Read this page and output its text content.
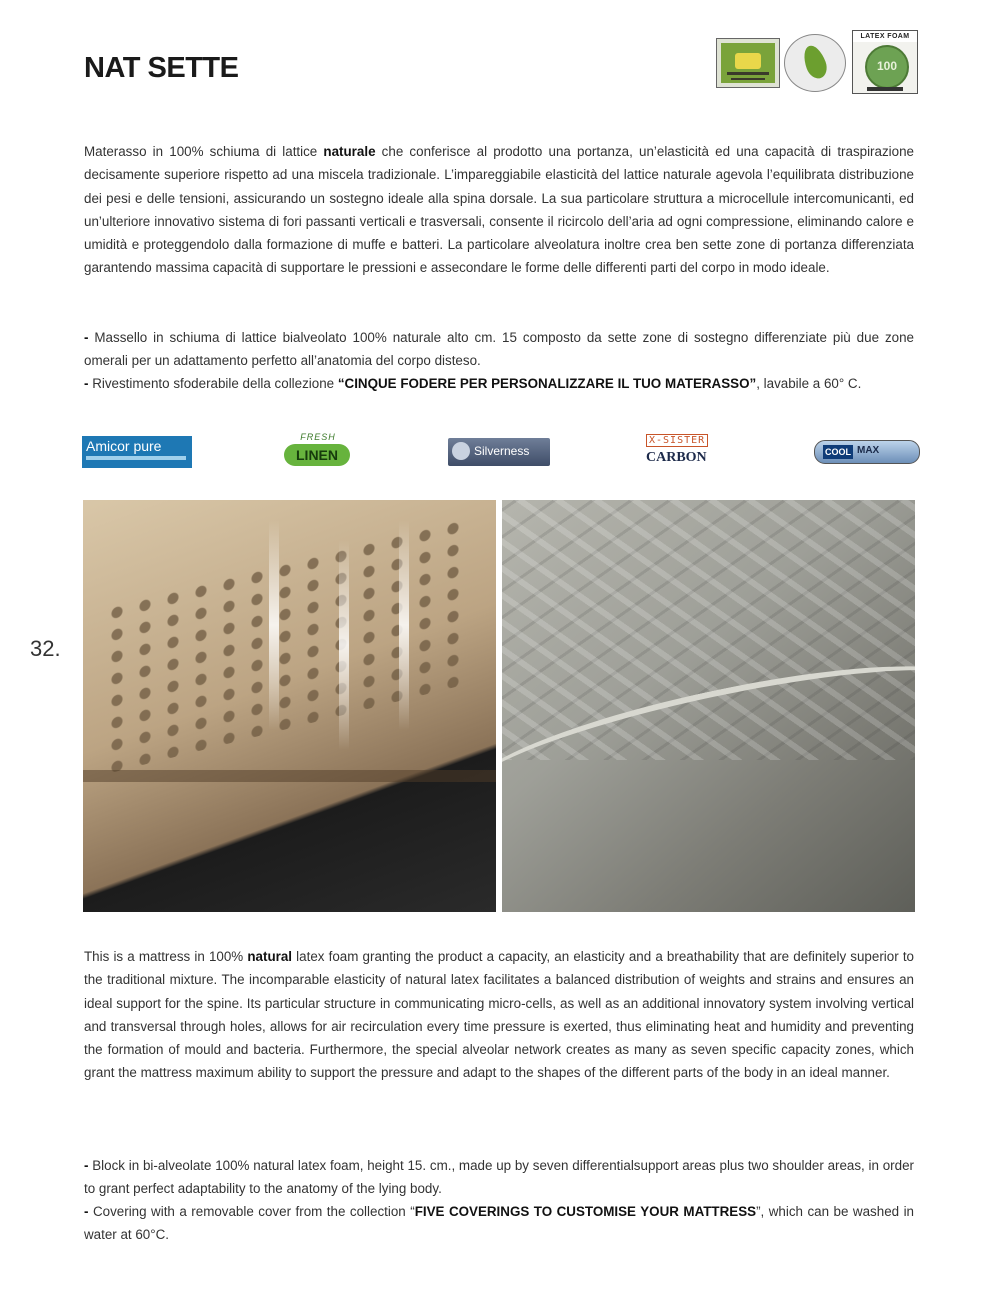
NAT SETTE
LATEX FOAM
100

Materasso in 100% schiuma di lattice naturale che conferisce al prodotto una portanza, un’elasticità ed una capacità di traspirazione decisamente superiore rispetto ad una miscela tradizionale. L’impareggiabile elasticità del lattice naturale agevola l’equilibrata distribuzione dei pesi e delle tensioni, assicurando un sostegno ideale alla spina dorsale. La sua particolare struttura a microcellule intercomunicanti, ed un’ulteriore innovativo sistema di fori passanti verticali e trasversali, consente il ricircolo dell’aria ad ogni compressione, eliminando calore e umidità e proteggendolo dalla formazione di muffe e batteri. La particolare alveolatura inoltre crea ben sette zone di portanza differenziata garantendo massima capacità di supportare le pressioni e assecondare le forme delle differenti parti del corpo in modo ideale.

- Massello in schiuma di lattice bialveolato 100% naturale alto cm. 15 composto da sette zone di sostegno differenziate più due zone omerali per un adattamento perfetto all’anatomia del corpo disteso.

- Rivestimento sfoderabile della collezione “CINQUE FODERE PER PERSONALIZZARE IL TUO MATERASSO”, lavabile a 60° C.

Amicor pure
FRESH
LINEN	Silverness
X-SISTER
CARBON	COOL MAX
32.

This is a mattress in 100% natural latex foam granting the product a capacity, an elasticity and a breathability that are definitely superior to the traditional mixture. The incomparable elasticity of natural latex facilitates a balanced distribution of weights and strains and ensures an ideal support for the spine. Its particular structure in communicating micro-cells, as well as an additional innovatory system involving vertical and transversal through holes, allows for air recirculation every time pressure is exerted, thus eliminating heat and humidity and preventing the formation of mould and bacteria. Furthermore, the special alveolar network creates as many as seven specific capacity zones, which grant the mattress maximum ability to support the pressure and adapt to the shapes of the different parts of the body in an ideal manner.

- Block in bi-alveolate 100% natural latex foam, height 15. cm., made up by seven differentialsupport areas plus two shoulder areas, in order to grant perfect adaptability to the anatomy of the lying body.

- Covering with a removable cover from the collection “FIVE COVERINGS TO CUSTOMISE YOUR MATTRESS”, which can be washed in water at 60°C.
